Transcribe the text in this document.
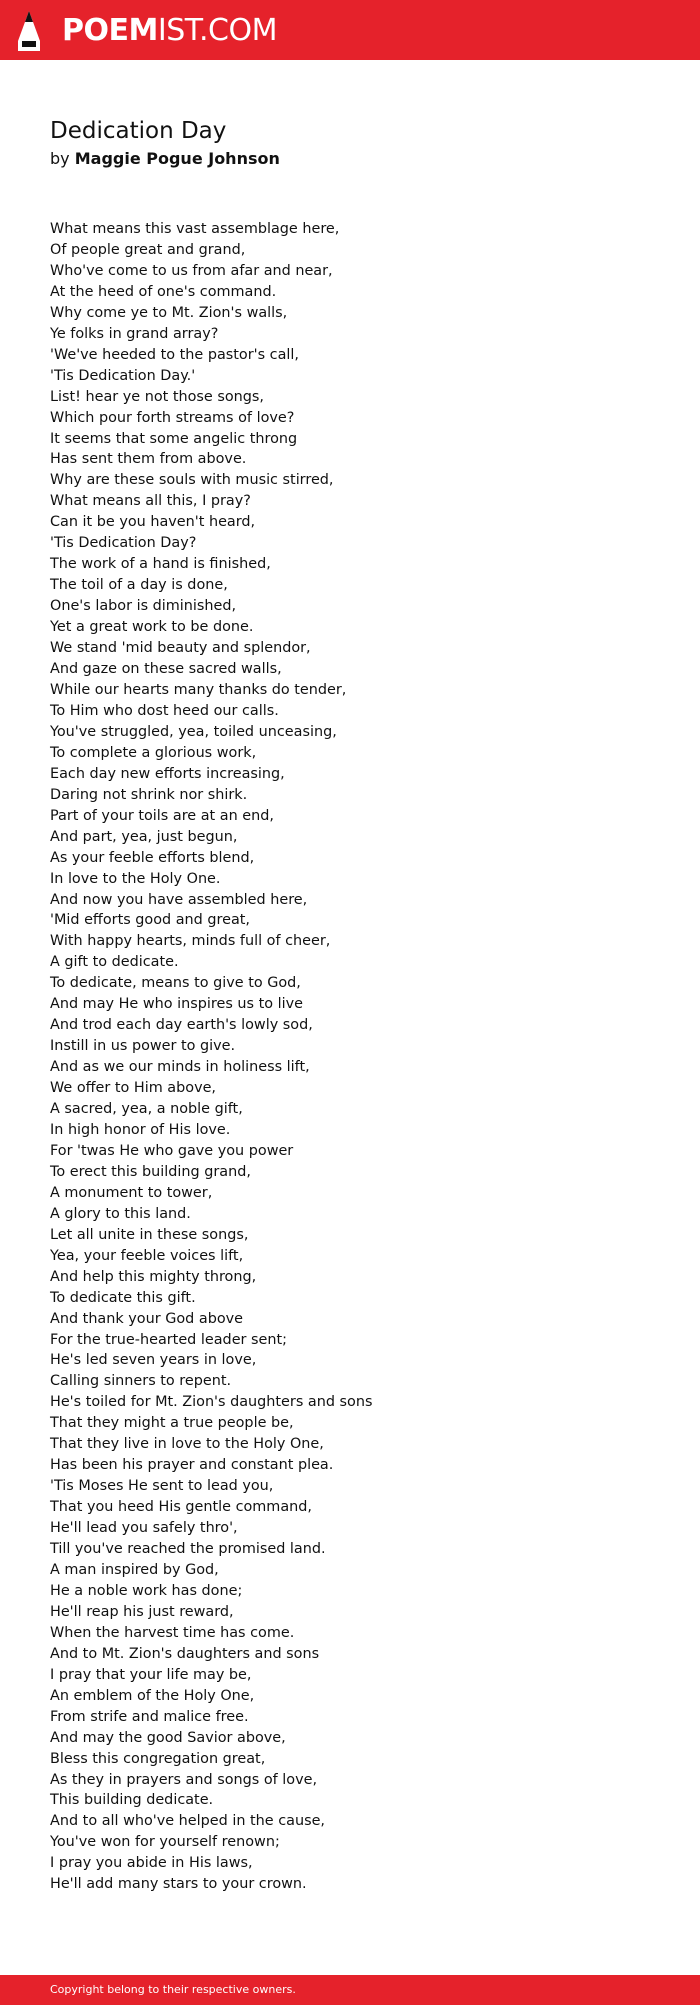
POEMIST.COM
Dedication Day
by Maggie Pogue Johnson
What means this vast assemblage here,
Of people great and grand,
Who've come to us from afar and near,
At the heed of one's command.
Why come ye to Mt. Zion's walls,
Ye folks in grand array?
'We've heeded to the pastor's call,
'Tis Dedication Day.'
List! hear ye not those songs,
Which pour forth streams of love?
It seems that some angelic throng
Has sent them from above.
Why are these souls with music stirred,
What means all this, I pray?
Can it be you haven't heard,
'Tis Dedication Day?
The work of a hand is finished,
The toil of a day is done,
One's labor is diminished,
Yet a great work to be done.
We stand 'mid beauty and splendor,
And gaze on these sacred walls,
While our hearts many thanks do tender,
To Him who dost heed our calls.
You've struggled, yea, toiled unceasing,
To complete a glorious work,
Each day new efforts increasing,
Daring not shrink nor shirk.
Part of your toils are at an end,
And part, yea, just begun,
As your feeble efforts blend,
In love to the Holy One.
And now you have assembled here,
'Mid efforts good and great,
With happy hearts, minds full of cheer,
A gift to dedicate.
To dedicate, means to give to God,
And may He who inspires us to live
And trod each day earth's lowly sod,
Instill in us power to give.
And as we our minds in holiness lift,
We offer to Him above,
A sacred, yea, a noble gift,
In high honor of His love.
For 'twas He who gave you power
To erect this building grand,
A monument to tower,
A glory to this land.
Let all unite in these songs,
Yea, your feeble voices lift,
And help this mighty throng,
To dedicate this gift.
And thank your God above
For the true-hearted leader sent;
He's led seven years in love,
Calling sinners to repent.
He's toiled for Mt. Zion's daughters and sons
That they might a true people be,
That they live in love to the Holy One,
Has been his prayer and constant plea.
'Tis Moses He sent to lead you,
That you heed His gentle command,
He'll lead you safely thro',
Till you've reached the promised land.
A man inspired by God,
He a noble work has done;
He'll reap his just reward,
When the harvest time has come.
And to Mt. Zion's daughters and sons
I pray that your life may be,
An emblem of the Holy One,
From strife and malice free.
And may the good Savior above,
Bless this congregation great,
As they in prayers and songs of love,
This building dedicate.
And to all who've helped in the cause,
You've won for yourself renown;
I pray you abide in His laws,
He'll add many stars to your crown.
Copyright belong to their respective owners.
